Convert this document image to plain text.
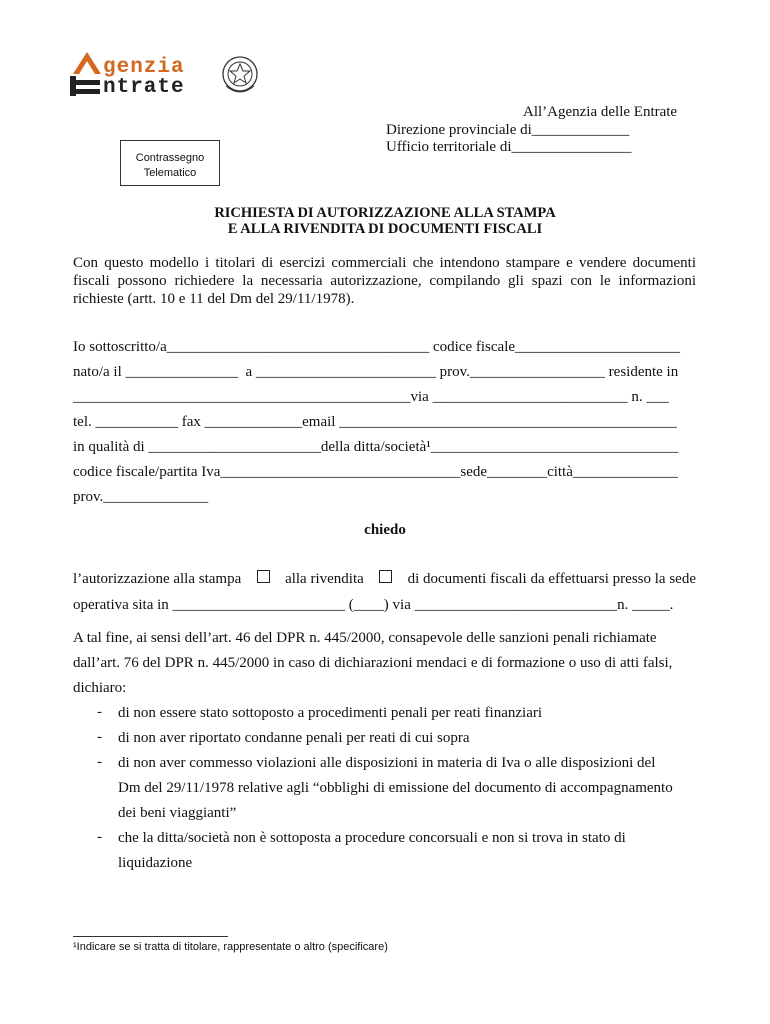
genzia
ntrate
All’Agenzia delle Entrate
Direzione provinciale di_____________
Ufficio territoriale di________________
Contrassegno
Telematico
RICHIESTA DI AUTORIZZAZIONE ALLA STAMPA
E ALLA RIVENDITA DI DOCUMENTI FISCALI
Con questo modello i titolari di esercizi commerciali che intendono stampare e vendere documenti fiscali possono richiedere la necessaria autorizzazione, compilando gli spazi con le informazioni richieste (artt. 10 e 11 del Dm del 29/11/1978).
Io sottoscritto/a___________________________________ codice fiscale______________________
nato/a il _______________  a ________________________ prov.__________________ residente in
_____________________________________________via __________________________ n. ___
tel. ___________ fax _____________email _____________________________________________
in qualità di _______________________della ditta/società¹_________________________________
codice fiscale/partita Iva________________________________sede________città______________
prov.______________
chiedo
l’autorizzazione alla stampa	alla rivendita	di documenti fiscali da effettuarsi presso la sede
operativa sita in _______________________ (____) via ___________________________n. _____.
A tal fine, ai sensi dell’art. 46 del DPR n. 445/2000, consapevole delle sanzioni penali richiamate
dall’art. 76 del DPR n. 445/2000 in caso di dichiarazioni mendaci e di formazione o uso di atti falsi,
dichiaro:
- di non essere stato sottoposto a procedimenti penali per reati finanziari
- di non aver riportato condanne penali per reati di cui sopra
- di non aver commesso violazioni alle disposizioni in materia di Iva o alle disposizioni del
Dm del 29/11/1978 relative agli “obblighi di emissione del documento di accompagnamento
dei beni viaggianti”
- che la ditta/società non è sottoposta a procedure concorsuali e non si trova in stato di
liquidazione
¹Indicare se si tratta di titolare, rappresentate o altro (specificare)
